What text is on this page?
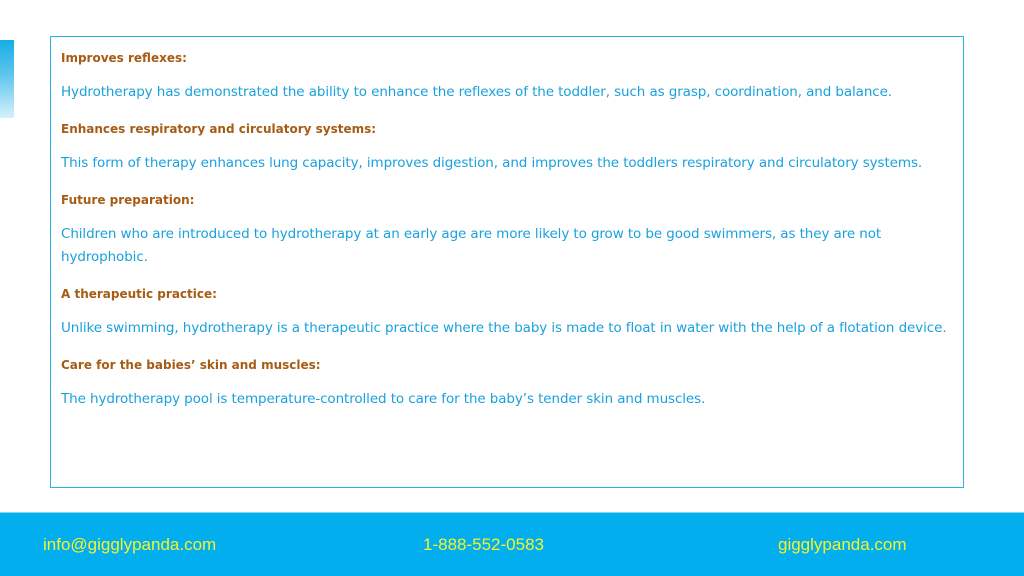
Improves reflexes:

Hydrotherapy has demonstrated the ability to enhance the reflexes of the toddler, such as grasp, coordination, and balance.

Enhances respiratory and circulatory systems:

This form of therapy enhances lung capacity, improves digestion, and improves the toddlers respiratory and circulatory systems.

Future preparation:

Children who are introduced to hydrotherapy at an early age are more likely to grow to be good swimmers, as they are not hydrophobic.

A therapeutic practice:

Unlike swimming, hydrotherapy is a therapeutic practice where the baby is made to float in water with the help of a flotation device.

Care for the babies’ skin and muscles:

The hydrotherapy pool is temperature-controlled to care for the baby’s tender skin and muscles.

info@gigglypanda.com	1-888-552-0583	gigglypanda.com
